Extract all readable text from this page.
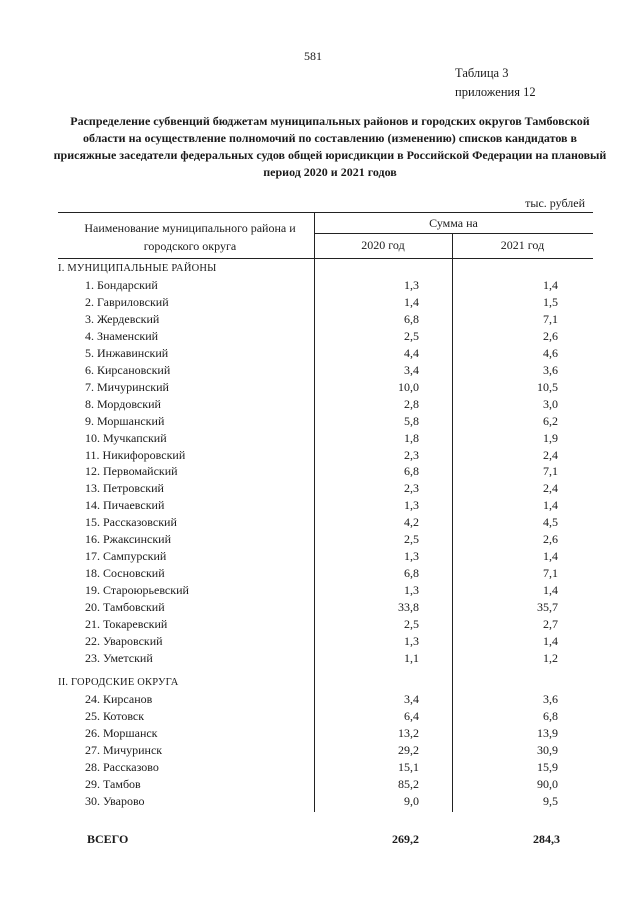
581
Таблица 3
приложения 12
Распределение субвенций бюджетам муниципальных районов и городских округов Тамбовской области на осуществление полномочий по составлению (изменению) списков кандидатов в присяжные заседатели федеральных судов общей юрисдикции в Российской Федерации на плановый период 2020 и 2021 годов
тыс. рублей
Наименование муниципального района и городского округа
Сумма на
2020 год	2021 год
I. МУНИЦИПАЛЬНЫЕ РАЙОНЫ
1. Бондарский	1,3	1,4
2. Гавриловский	1,4	1,5
3. Жердевский	6,8	7,1
4. Знаменский	2,5	2,6
5. Инжавинский	4,4	4,6
6. Кирсановский	3,4	3,6
7. Мичуринский	10,0	10,5
8. Мордовский	2,8	3,0
9. Моршанский	5,8	6,2
10. Мучкапский	1,8	1,9
11. Никифоровский	2,3	2,4
12. Первомайский	6,8	7,1
13. Петровский	2,3	2,4
14. Пичаевский	1,3	1,4
15. Рассказовский	4,2	4,5
16. Ржаксинский	2,5	2,6
17. Сампурский	1,3	1,4
18. Сосновский	6,8	7,1
19. Староюрьевский	1,3	1,4
20. Тамбовский	33,8	35,7
21. Токаревский	2,5	2,7
22. Уваровский	1,3	1,4
23. Уметский	1,1	1,2
II. ГОРОДСКИЕ ОКРУГА
24. Кирсанов	3,4	3,6
25. Котовск	6,4	6,8
26. Моршанск	13,2	13,9
27. Мичуринск	29,2	30,9
28. Рассказово	15,1	15,9
29. Тамбов	85,2	90,0
30. Уварово	9,0	9,5
ВСЕГО	269,2	284,3
